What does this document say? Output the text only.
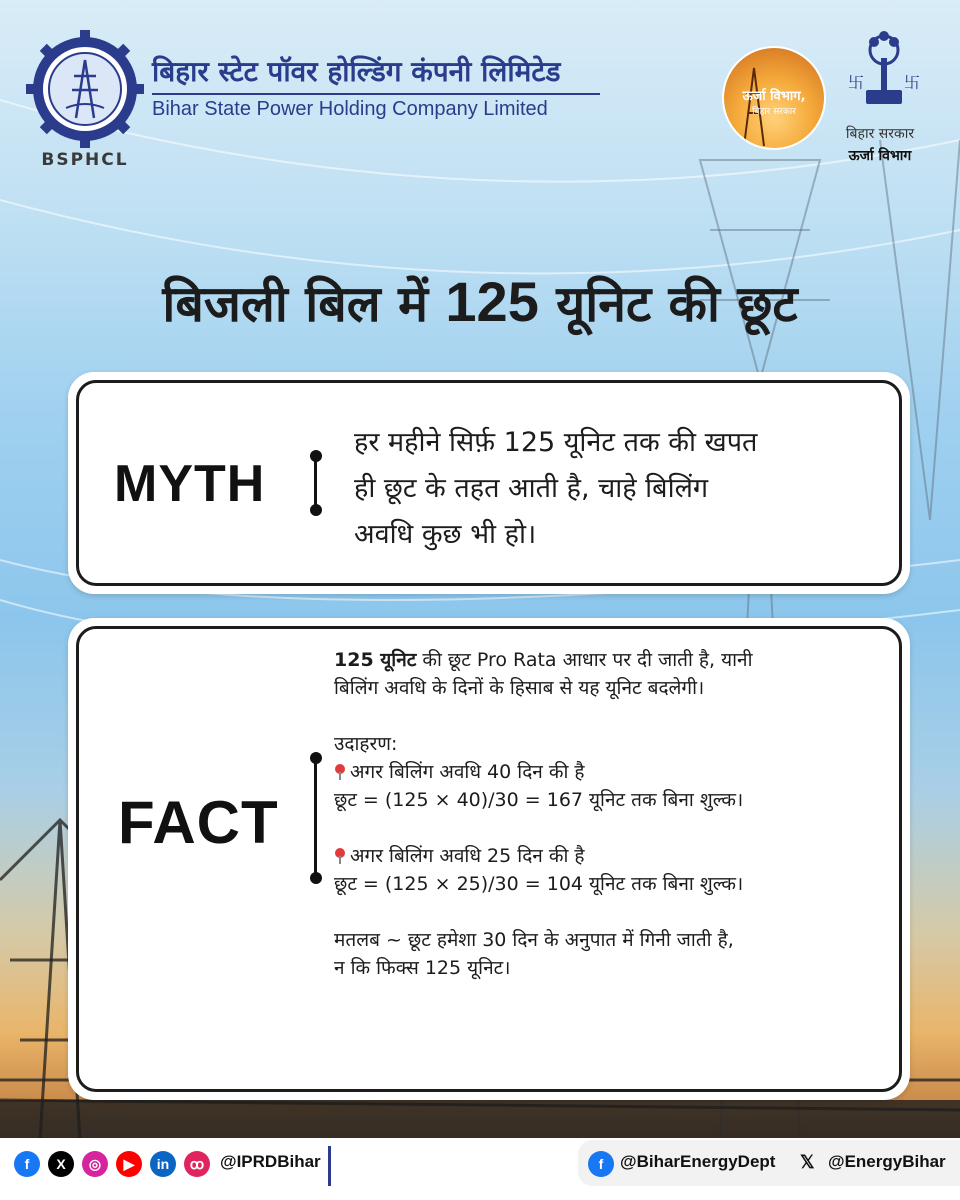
BSPHCL
बिहार स्टेट पॉवर होल्डिंग कंपनी लिमिटेड
Bihar State Power Holding Company Limited
ऊर्जा विभाग,
बिहार सरकार
卐 卐
बिहार सरकार
ऊर्जा विभाग
बिजली बिल में 125 यूनिट की छूट
MYTH
हर महीने सिर्फ़ 125 यूनिट तक की खपत
ही छूट के तहत आती है, चाहे बिलिंग
अवधि कुछ भी हो।
FACT

125 यूनिट की छूट Pro Rata आधार पर दी जाती है, यानी

बिलिंग अवधि के दिनों के हिसाब से यह यूनिट बदलेगी।

उदाहरण:

अगर बिलिंग अवधि 40 दिन की है

छूट = (125 × 40)/30 = 167 यूनिट तक बिना शुल्क।

अगर बिलिंग अवधि 25 दिन की है

छूट = (125 × 25)/30 = 104 यूनिट तक बिना शुल्क।

मतलब ~ छूट हमेशा 30 दिन के अनुपात में गिनी जाती है,

न कि फिक्स 125 यूनिट।

f	X	◎	▶	in	ꝏ @IPRDBihar	f @BiharEnergyDept 𝕏 @EnergyBihar
